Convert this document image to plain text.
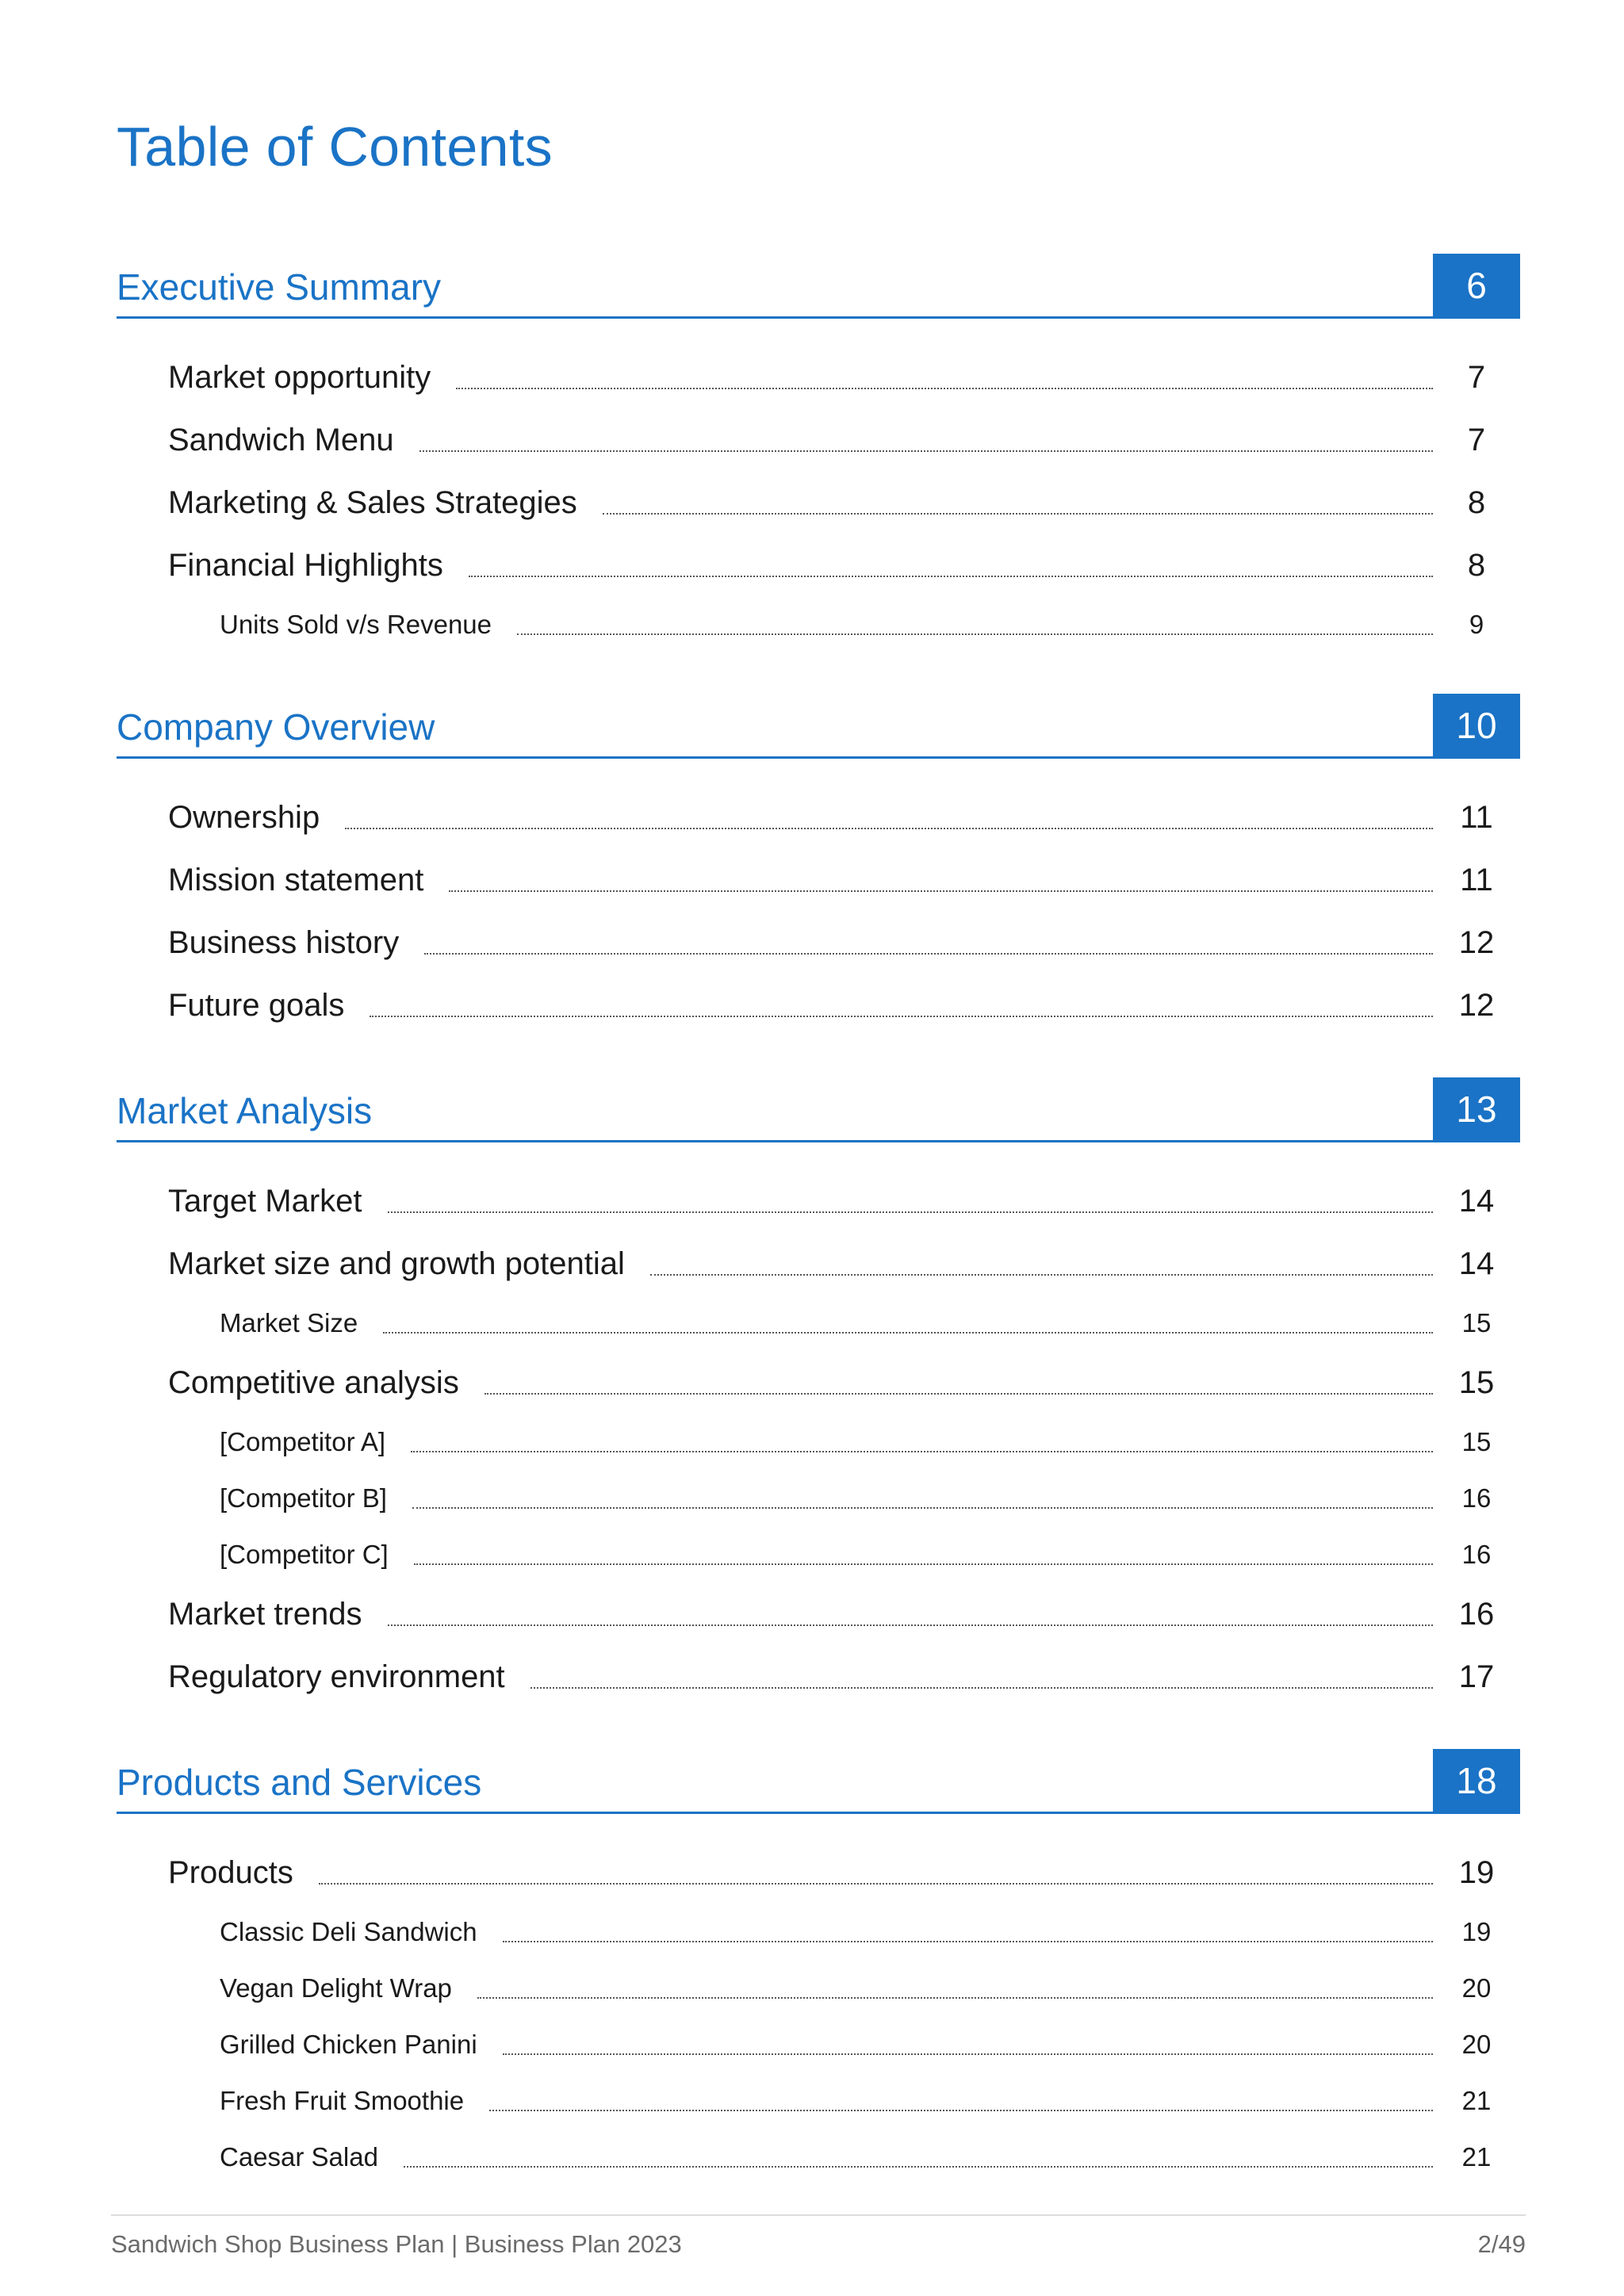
Table of Contents
Executive Summary	6
Market opportunity	7
Sandwich Menu	7
Marketing & Sales Strategies	8
Financial Highlights	8
Units Sold v/s Revenue	9
Company Overview	10
Ownership	11
Mission statement	11
Business history	12
Future goals	12
Market Analysis	13
Target Market	14
Market size and growth potential	14
Market Size	15
Competitive analysis	15
[Competitor A]	15
[Competitor B]	16
[Competitor C]	16
Market trends	16
Regulatory environment	17
Products and Services	18
Products	19
Classic Deli Sandwich	19
Vegan Delight Wrap	20
Grilled Chicken Panini	20
Fresh Fruit Smoothie	21
Caesar Salad	21
Sandwich Shop Business Plan | Business Plan 2023	2/49
